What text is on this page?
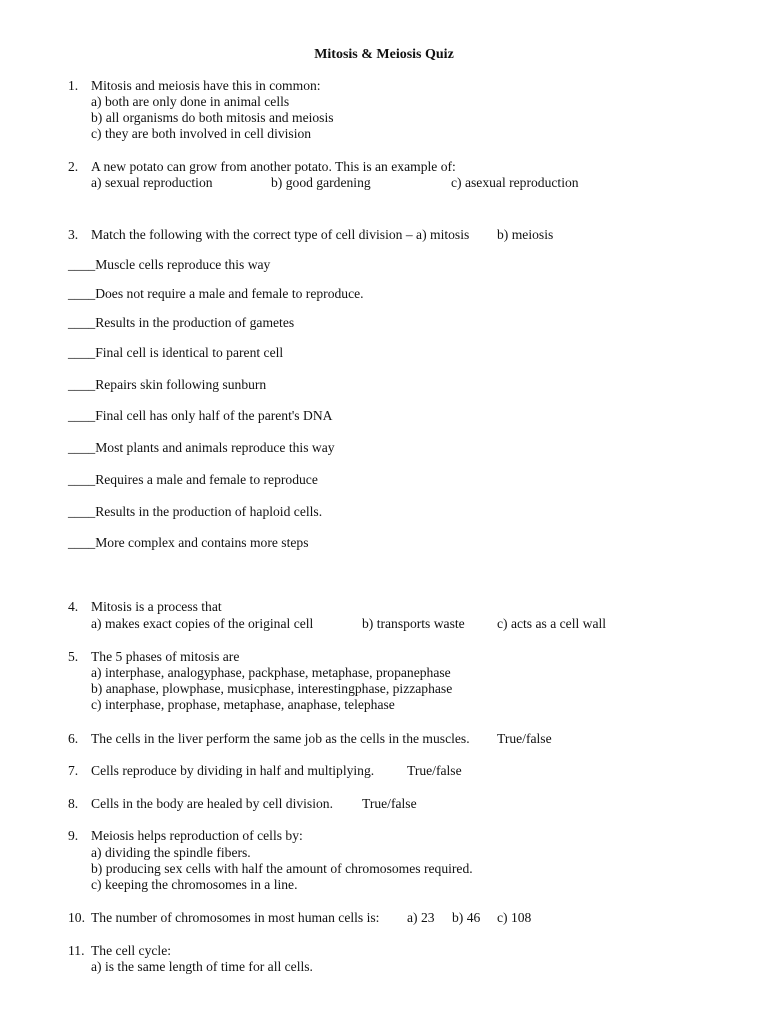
Mitosis & Meiosis Quiz
1. Mitosis and meiosis have this in common:
a) both are only done in animal cells
b) all organisms do both mitosis and meiosis
c) they are both involved in cell division
2. A new potato can grow from another potato. This is an example of:
a) sexual reproduction	b) good gardening	c) asexual reproduction
3. Match the following with the correct type of cell division – a) mitosis b) meiosis
____Muscle cells reproduce this way
____Does not require a male and female to reproduce.
____Results in the production of gametes
____Final cell is identical to parent cell
____Repairs skin following sunburn
____Final cell has only half of the parent's DNA
____Most plants and animals reproduce this way
____Requires a male and female to reproduce
____Results in the production of haploid cells.
____More complex and contains more steps
4. Mitosis is a process that
a) makes exact copies of the original cell	b) transports waste c) acts as a cell wall
5. The 5 phases of mitosis are
a) interphase, analogyphase, packphase, metaphase, propanephase
b) anaphase, plowphase, musicphase, interestingphase, pizzaphase
c) interphase, prophase, metaphase, anaphase, telephase
6. The cells in the liver perform the same job as the cells in the muscles. True/false
7. Cells reproduce by dividing in half and multiplying. True/false
8. Cells in the body are healed by cell division. True/false
9. Meiosis helps reproduction of cells by:
a) dividing the spindle fibers.
b) producing sex cells with half the amount of chromosomes required.
c) keeping the chromosomes in a line.
10. The number of chromosomes in most human cells is: a) 23 b) 46 c) 108
11. The cell cycle:
a) is the same length of time for all cells.
